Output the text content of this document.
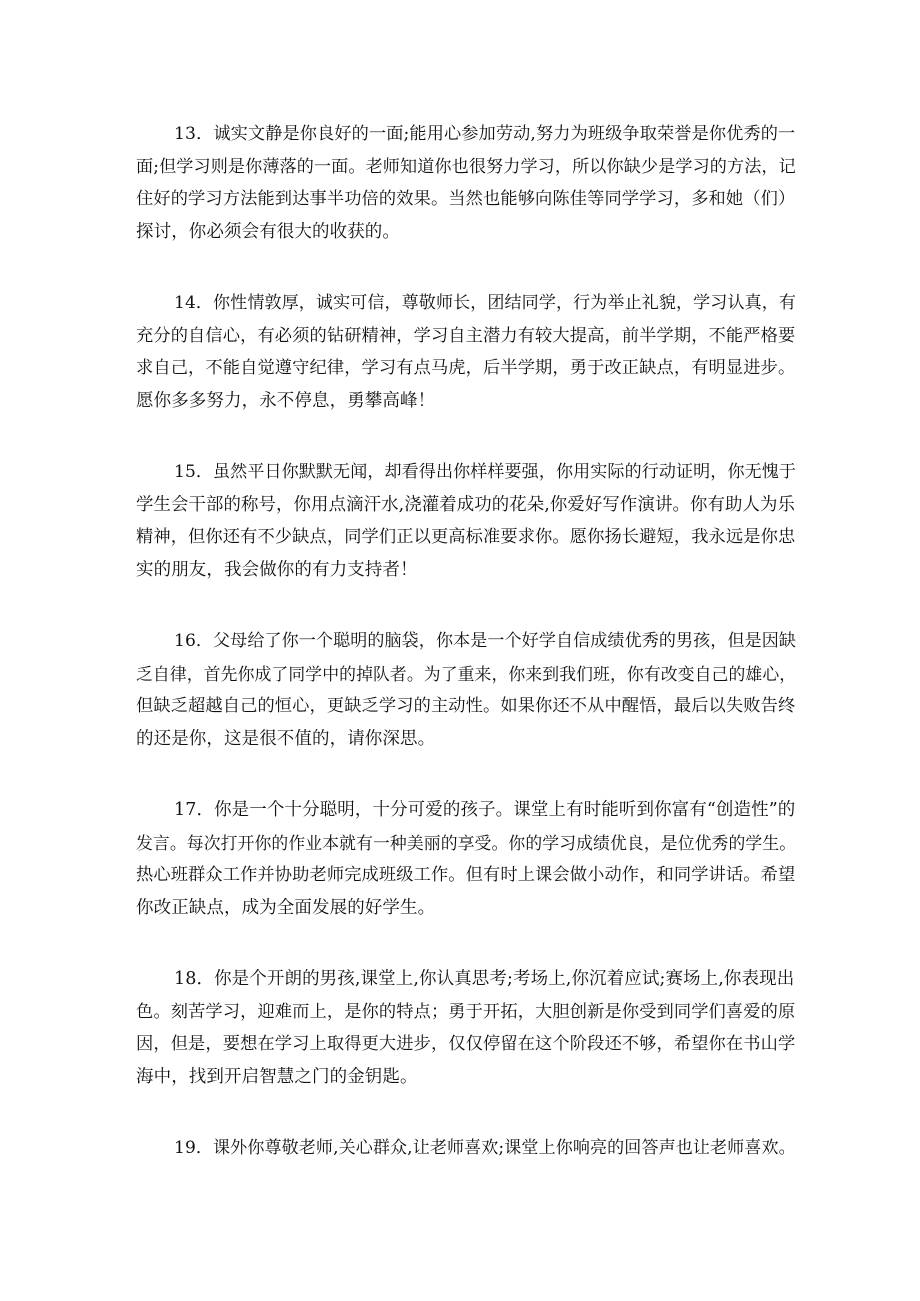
13．诚实文静是你良好的一面;能用心参加劳动,努力为班级争取荣誉是你优秀的一
面;但学习则是你薄落的一面。老师知道你也很努力学习，所以你缺少是学习的方法，记
住好的学习方法能到达事半功倍的效果。当然也能够向陈佳等同学学习，多和她（们）
探讨，你必须会有很大的收获的。
14．你性情敦厚，诚实可信，尊敬师长，团结同学，行为举止礼貌，学习认真，有
充分的自信心，有必须的钻研精神，学习自主潜力有较大提高，前半学期，不能严格要
求自己，不能自觉遵守纪律，学习有点马虎，后半学期，勇于改正缺点，有明显进步。
愿你多多努力，永不停息，勇攀高峰！
15．虽然平日你默默无闻，却看得出你样样要强，你用实际的行动证明，你无愧于
学生会干部的称号，你用点滴汗水,浇灌着成功的花朵,你爱好写作演讲。你有助人为乐
精神，但你还有不少缺点，同学们正以更高标准要求你。愿你扬长避短，我永远是你忠
实的朋友，我会做你的有力支持者！
16．父母给了你一个聪明的脑袋，你本是一个好学自信成绩优秀的男孩，但是因缺
乏自律，首先你成了同学中的掉队者。为了重来，你来到我们班，你有改变自己的雄心，
但缺乏超越自己的恒心，更缺乏学习的主动性。如果你还不从中醒悟，最后以失败告终
的还是你，这是很不值的，请你深思。
17．你是一个十分聪明，十分可爱的孩子。课堂上有时能听到你富有“创造性”的
发言。每次打开你的作业本就有一种美丽的享受。你的学习成绩优良，是位优秀的学生。
热心班群众工作并协助老师完成班级工作。但有时上课会做小动作，和同学讲话。希望
你改正缺点，成为全面发展的好学生。
18．你是个开朗的男孩,课堂上,你认真思考;考场上,你沉着应试;赛场上,你表现出
色。刻苦学习，迎难而上，是你的特点；勇于开拓，大胆创新是你受到同学们喜爱的原
因，但是，要想在学习上取得更大进步，仅仅停留在这个阶段还不够，希望你在书山学
海中，找到开启智慧之门的金钥匙。
19．课外你尊敬老师,关心群众,让老师喜欢;课堂上你响亮的回答声也让老师喜欢。
